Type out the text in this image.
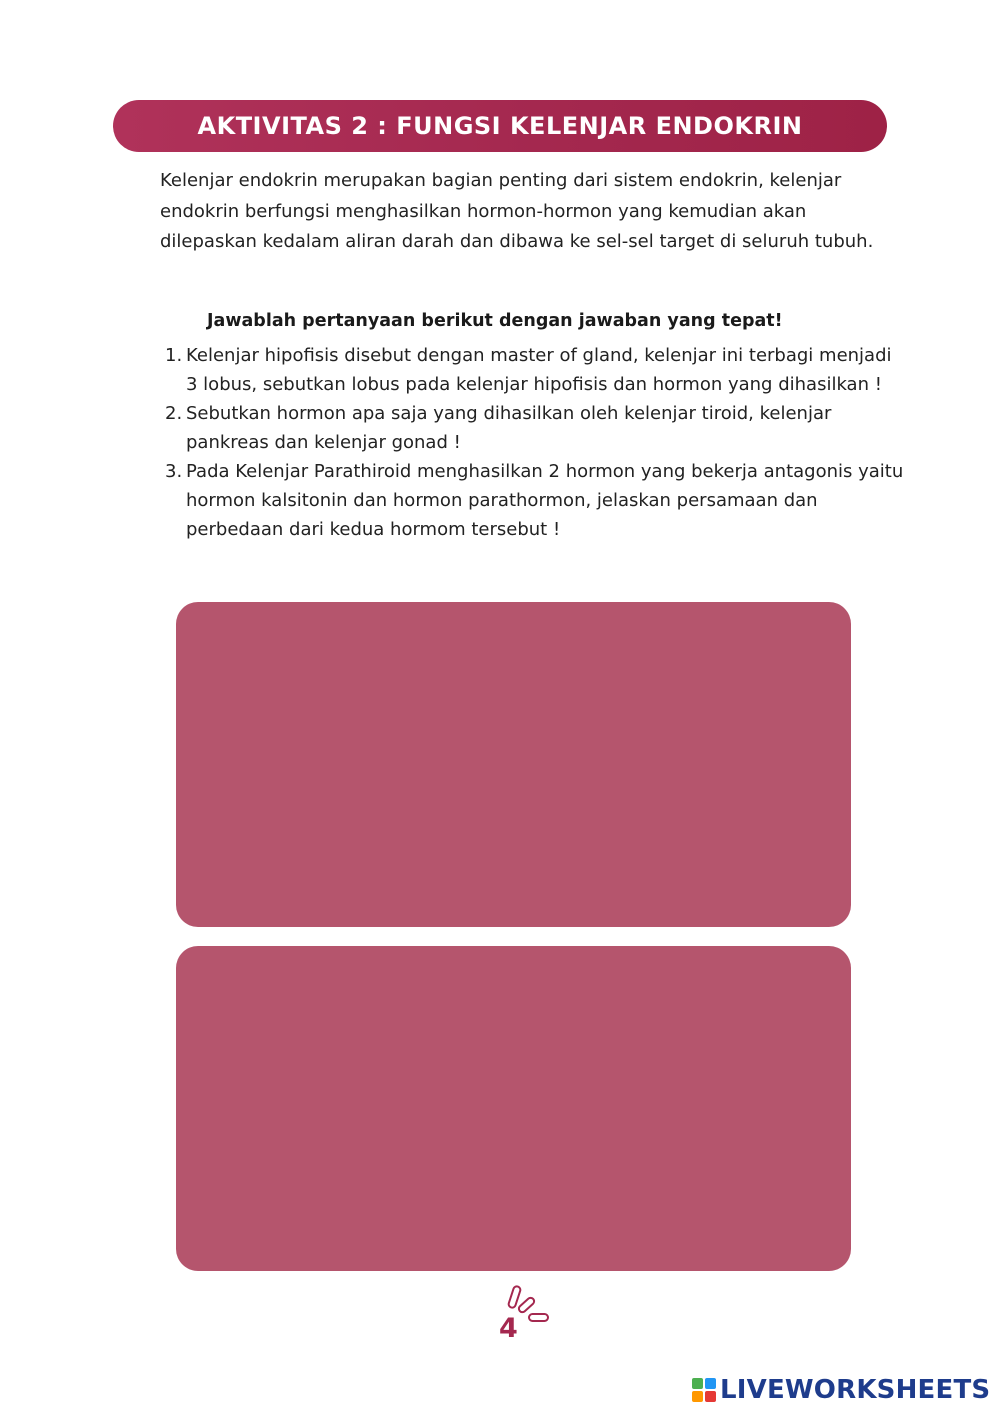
AKTIVITAS 2 : FUNGSI KELENJAR ENDOKRIN

Kelenjar endokrin merupakan bagian penting dari sistem endokrin, kelenjar endokrin berfungsi menghasilkan hormon-hormon yang kemudian akan dilepaskan kedalam aliran darah dan dibawa ke sel-sel target di seluruh tubuh.

Jawablah pertanyaan berikut dengan jawaban yang tepat!

1. Kelenjar hipofisis disebut dengan master of gland, kelenjar ini terbagi menjadi 3 lobus, sebutkan lobus pada kelenjar hipofisis dan hormon yang dihasilkan !
2. Sebutkan hormon apa saja yang dihasilkan oleh kelenjar tiroid, kelenjar pankreas dan kelenjar gonad !
3. Pada Kelenjar Parathiroid menghasilkan 2 hormon yang bekerja antagonis yaitu hormon kalsitonin dan hormon parathormon, jelaskan persamaan dan perbedaan dari kedua hormom tersebut !
4
LIVEWORKSHEETS
